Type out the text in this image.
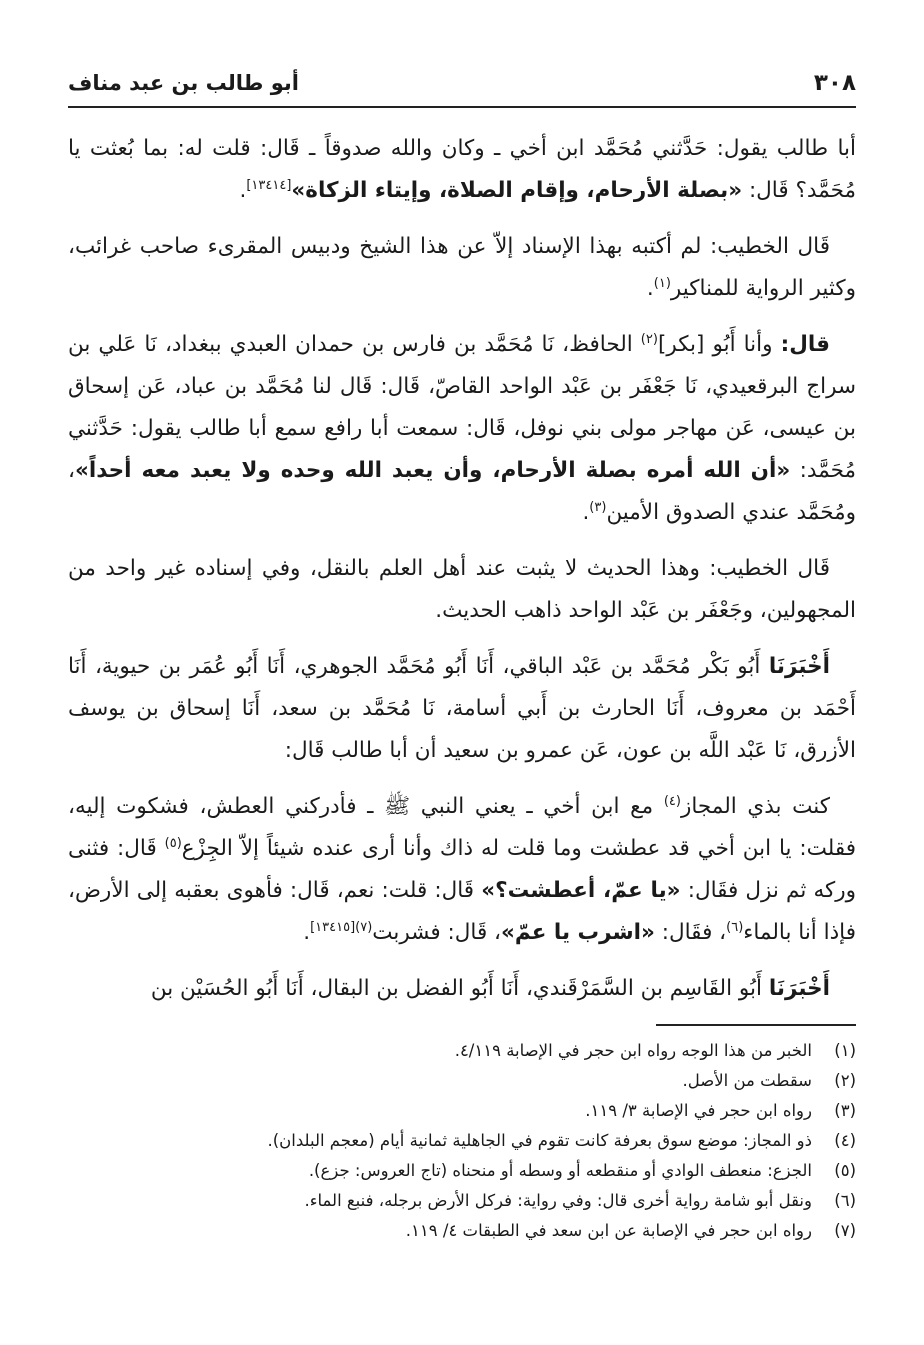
٣٠٨
أبو طالب بن عبد مناف

أبا طالب يقول: حَدَّثني مُحَمَّد ابن أخي ـ وكان والله صدوقاً ـ قَال: قلت له: بما بُعثت يا مُحَمَّد؟ قَال: «بصلة الأرحام، وإقام الصلاة، وإيتاء الزكاة»[١٣٤١٤].

قَال الخطيب: لم أكتبه بهذا الإسناد إلاّ عن هذا الشيخ ودبيس المقرىء صاحب غرائب، وكثير الرواية للمناكير$^{(١)}$.

قال: وأنا أَبُو [بكر]$^{(٢)}$ الحافظ، نَا مُحَمَّد بن فارس بن حمدان العبدي ببغداد، نَا عَلي بن سراج البرقعيدي، نَا جَعْفَر بن عَبْد الواحد القاصّ، قَال: قَال لنا مُحَمَّد بن عباد، عَن إسحاق بن عيسى، عَن مهاجر مولى بني نوفل، قَال: سمعت أبا رافع سمع أبا طالب يقول: حَدَّثني مُحَمَّد: «أن الله أمره بصلة الأرحام، وأن يعبد الله وحده ولا يعبد معه أحداً»، ومُحَمَّد عندي الصدوق الأمين$^{(٣)}$.

قَال الخطيب: وهذا الحديث لا يثبت عند أهل العلم بالنقل، وفي إسناده غير واحد من المجهولين، وجَعْفَر بن عَبْد الواحد ذاهب الحديث.

أَخْبَرَنَا أَبُو بَكْر مُحَمَّد بن عَبْد الباقي، أَنَا أَبُو مُحَمَّد الجوهري، أَنَا أَبُو عُمَر بن حيوية، أَنَا أَحْمَد بن معروف، أَنَا الحارث بن أَبي أسامة، نَا مُحَمَّد بن سعد، أَنَا إسحاق بن يوسف الأزرق، نَا عَبْد اللَّه بن عون، عَن عمرو بن سعيد أن أبا طالب قَال:

كنت بذي المجاز$^{(٤)}$ مع ابن أخي ـ يعني النبي ﷺ ـ فأدركني العطش، فشكوت إليه، فقلت: يا ابن أخي قد عطشت وما قلت له ذاك وأنا أرى عنده شيئاً إلاّ الجِزْع$^{(٥)}$ قَال: فثنى وركه ثم نزل فقَال: «يا عمّ، أعطشت؟» قَال: قلت: نعم، قَال: فأهوى بعقبه إلى الأرض، فإذا أنا بالماء$^{(٦)}$، فقَال: «اشرب يا عمّ»، قَال: فشربت$^{(٧)[١٣٤١٥]}$.

أَخْبَرَنَا أَبُو القَاسِم بن السَّمَرْقَندي، أَنَا أَبُو الفضل بن البقال، أَنَا أَبُو الحُسَيْن بن

(١)
الخبر من هذا الوجه رواه ابن حجر في الإصابة ٤/١١٩.
(٢)
سقطت من الأصل.
(٣)
رواه ابن حجر في الإصابة ٣/ ١١٩.
(٤)
ذو المجاز: موضع سوق بعرفة كانت تقوم في الجاهلية ثمانية أيام (معجم البلدان).
(٥)
الجزع: منعطف الوادي أو منقطعه أو وسطه أو منحناه (تاج العروس: جزع).
(٦)
ونقل أبو شامة رواية أخرى قال: وفي رواية: فركل الأرض برجله، فنبع الماء.
(٧)
رواه ابن حجر في الإصابة عن ابن سعد في الطبقات ٤/ ١١٩.
